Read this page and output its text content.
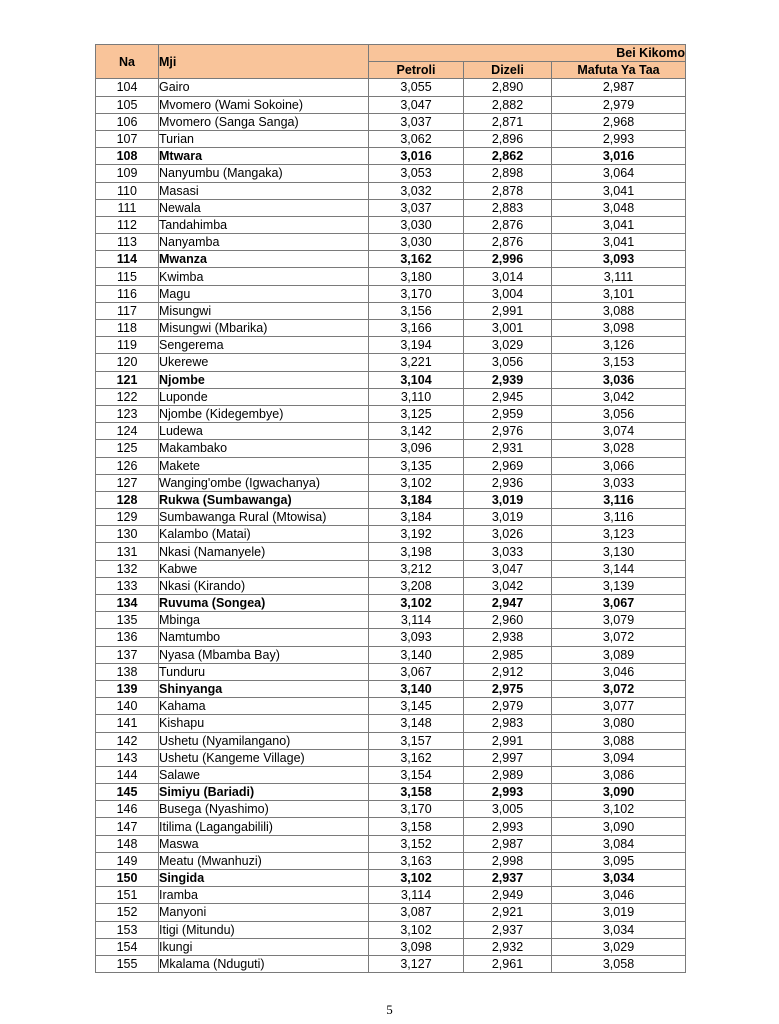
Na	Mji	Bei Kikomo		
		Petroli	Dizeli	Mafuta Ya Taa
104	Gairo	3,055	2,890	2,987
105	Mvomero (Wami Sokoine)	3,047	2,882	2,979
106	Mvomero (Sanga Sanga)	3,037	2,871	2,968
107	Turian	3,062	2,896	2,993
108	Mtwara	3,016	2,862	3,016
109	Nanyumbu (Mangaka)	3,053	2,898	3,064
110	Masasi	3,032	2,878	3,041
111	Newala	3,037	2,883	3,048
112	Tandahimba	3,030	2,876	3,041
113	Nanyamba	3,030	2,876	3,041
114	Mwanza	3,162	2,996	3,093
115	Kwimba	3,180	3,014	3,111
116	Magu	3,170	3,004	3,101
117	Misungwi	3,156	2,991	3,088
118	Misungwi (Mbarika)	3,166	3,001	3,098
119	Sengerema	3,194	3,029	3,126
120	Ukerewe	3,221	3,056	3,153
121	Njombe	3,104	2,939	3,036
122	Luponde	3,110	2,945	3,042
123	Njombe (Kidegembye)	3,125	2,959	3,056
124	Ludewa	3,142	2,976	3,074
125	Makambako	3,096	2,931	3,028
126	Makete	3,135	2,969	3,066
127	Wanging'ombe (Igwachanya)	3,102	2,936	3,033
128	Rukwa (Sumbawanga)	3,184	3,019	3,116
129	Sumbawanga Rural (Mtowisa)	3,184	3,019	3,116
130	Kalambo (Matai)	3,192	3,026	3,123
131	Nkasi (Namanyele)	3,198	3,033	3,130
132	Kabwe	3,212	3,047	3,144
133	Nkasi (Kirando)	3,208	3,042	3,139
134	Ruvuma (Songea)	3,102	2,947	3,067
135	Mbinga	3,114	2,960	3,079
136	Namtumbo	3,093	2,938	3,072
137	Nyasa (Mbamba Bay)	3,140	2,985	3,089
138	Tunduru	3,067	2,912	3,046
139	Shinyanga	3,140	2,975	3,072
140	Kahama	3,145	2,979	3,077
141	Kishapu	3,148	2,983	3,080
142	Ushetu (Nyamilangano)	3,157	2,991	3,088
143	Ushetu (Kangeme Village)	3,162	2,997	3,094
144	Salawe	3,154	2,989	3,086
145	Simiyu (Bariadi)	3,158	2,993	3,090
146	Busega (Nyashimo)	3,170	3,005	3,102
147	Itilima (Lagangabilili)	3,158	2,993	3,090
148	Maswa	3,152	2,987	3,084
149	Meatu (Mwanhuzi)	3,163	2,998	3,095
150	Singida	3,102	2,937	3,034
151	Iramba	3,114	2,949	3,046
152	Manyoni	3,087	2,921	3,019
153	Itigi (Mitundu)	3,102	2,937	3,034
154	Ikungi	3,098	2,932	3,029
155	Mkalama (Nduguti)	3,127	2,961	3,058
5
